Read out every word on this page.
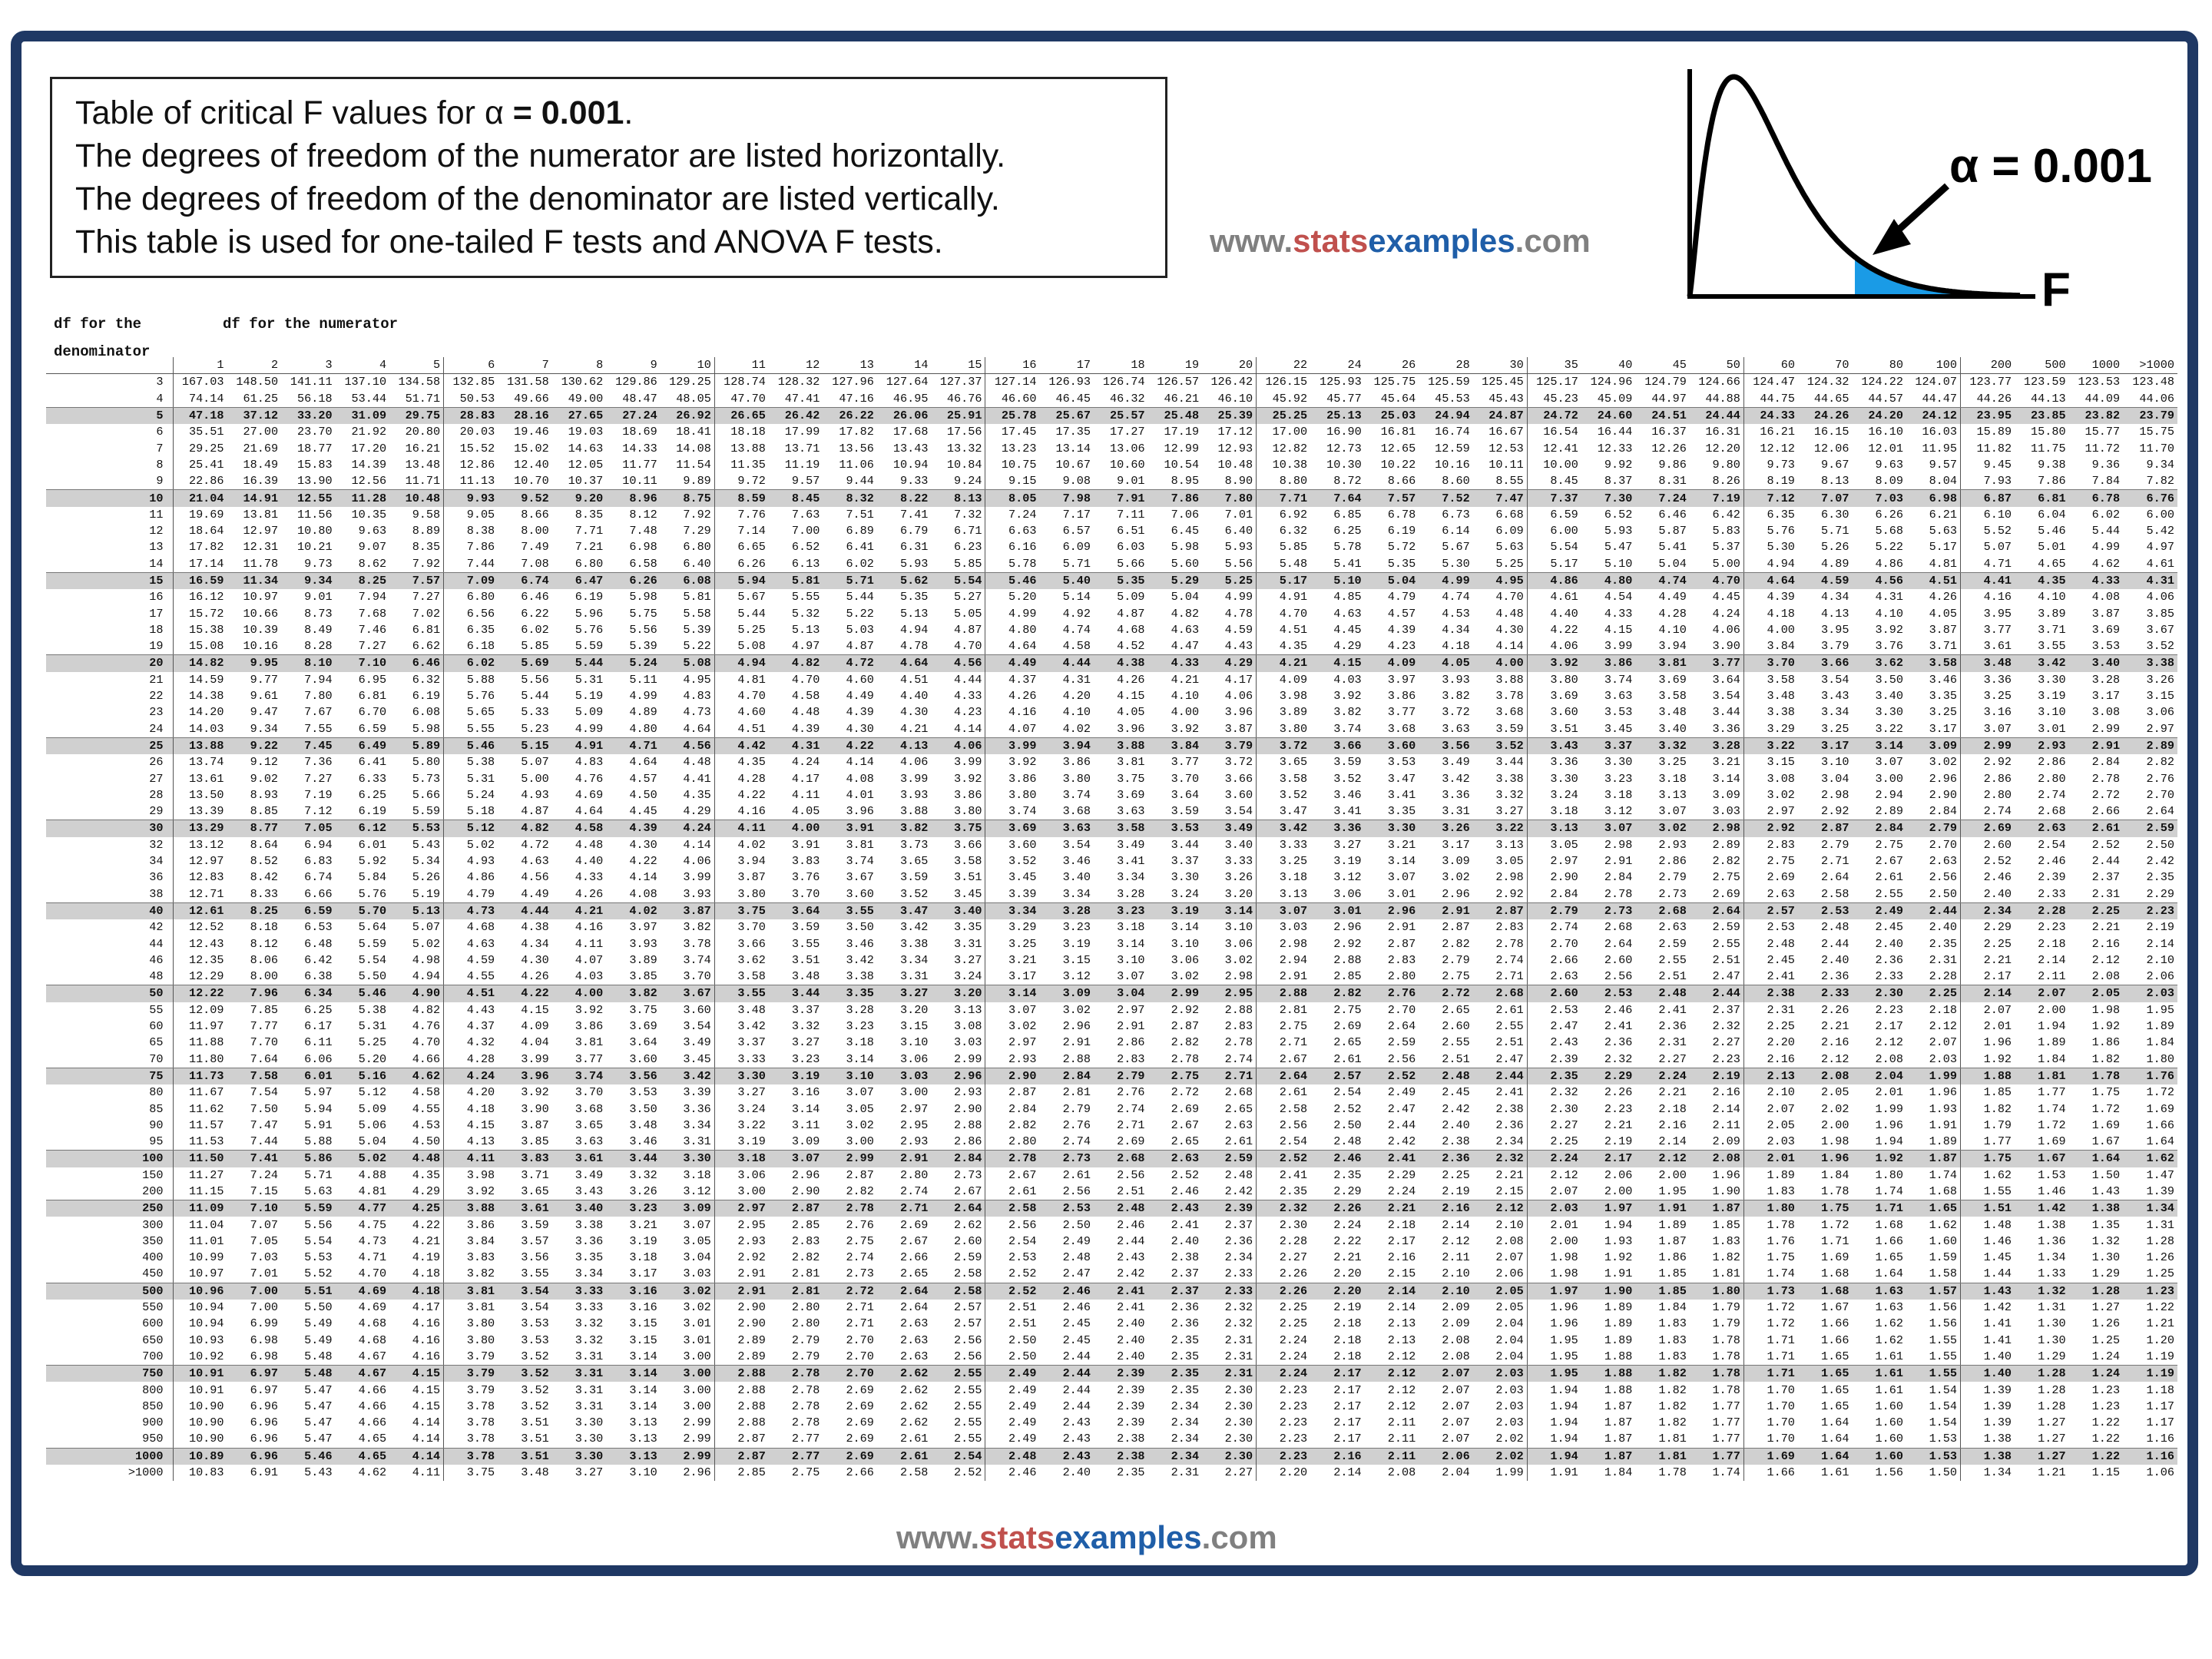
Table of critical F values for α = 0.001.
The degrees of freedom of the numerator are listed horizontally.
The degrees of freedom of the denominator are listed vertically.
This table is used for one-tailed F tests and ANOVA F tests.	www.statsexamples.com
α = 0.001
F
df for the
denominator
df for the numerator
	1	2	3	4	5	6	7	8	9	10	11	12	13	14	15	16	17	18	19	20	22	24	26	28	30	35	40	45	50	60	70	80	100	200	500	1000	>1000
3	167.03	148.50	141.11	137.10	134.58	132.85	131.58	130.62	129.86	129.25	128.74	128.32	127.96	127.64	127.37	127.14	126.93	126.74	126.57	126.42	126.15	125.93	125.75	125.59	125.45	125.17	124.96	124.79	124.66	124.47	124.32	124.22	124.07	123.77	123.59	123.53	123.48
4	74.14	61.25	56.18	53.44	51.71	50.53	49.66	49.00	48.47	48.05	47.70	47.41	47.16	46.95	46.76	46.60	46.45	46.32	46.21	46.10	45.92	45.77	45.64	45.53	45.43	45.23	45.09	44.97	44.88	44.75	44.65	44.57	44.47	44.26	44.13	44.09	44.06
5	47.18	37.12	33.20	31.09	29.75	28.83	28.16	27.65	27.24	26.92	26.65	26.42	26.22	26.06	25.91	25.78	25.67	25.57	25.48	25.39	25.25	25.13	25.03	24.94	24.87	24.72	24.60	24.51	24.44	24.33	24.26	24.20	24.12	23.95	23.85	23.82	23.79
6	35.51	27.00	23.70	21.92	20.80	20.03	19.46	19.03	18.69	18.41	18.18	17.99	17.82	17.68	17.56	17.45	17.35	17.27	17.19	17.12	17.00	16.90	16.81	16.74	16.67	16.54	16.44	16.37	16.31	16.21	16.15	16.10	16.03	15.89	15.80	15.77	15.75
7	29.25	21.69	18.77	17.20	16.21	15.52	15.02	14.63	14.33	14.08	13.88	13.71	13.56	13.43	13.32	13.23	13.14	13.06	12.99	12.93	12.82	12.73	12.65	12.59	12.53	12.41	12.33	12.26	12.20	12.12	12.06	12.01	11.95	11.82	11.75	11.72	11.70
8	25.41	18.49	15.83	14.39	13.48	12.86	12.40	12.05	11.77	11.54	11.35	11.19	11.06	10.94	10.84	10.75	10.67	10.60	10.54	10.48	10.38	10.30	10.22	10.16	10.11	10.00	9.92	9.86	9.80	9.73	9.67	9.63	9.57	9.45	9.38	9.36	9.34
9	22.86	16.39	13.90	12.56	11.71	11.13	10.70	10.37	10.11	9.89	9.72	9.57	9.44	9.33	9.24	9.15	9.08	9.01	8.95	8.90	8.80	8.72	8.66	8.60	8.55	8.45	8.37	8.31	8.26	8.19	8.13	8.09	8.04	7.93	7.86	7.84	7.82
10	21.04	14.91	12.55	11.28	10.48	9.93	9.52	9.20	8.96	8.75	8.59	8.45	8.32	8.22	8.13	8.05	7.98	7.91	7.86	7.80	7.71	7.64	7.57	7.52	7.47	7.37	7.30	7.24	7.19	7.12	7.07	7.03	6.98	6.87	6.81	6.78	6.76
11	19.69	13.81	11.56	10.35	9.58	9.05	8.66	8.35	8.12	7.92	7.76	7.63	7.51	7.41	7.32	7.24	7.17	7.11	7.06	7.01	6.92	6.85	6.78	6.73	6.68	6.59	6.52	6.46	6.42	6.35	6.30	6.26	6.21	6.10	6.04	6.02	6.00
12	18.64	12.97	10.80	9.63	8.89	8.38	8.00	7.71	7.48	7.29	7.14	7.00	6.89	6.79	6.71	6.63	6.57	6.51	6.45	6.40	6.32	6.25	6.19	6.14	6.09	6.00	5.93	5.87	5.83	5.76	5.71	5.68	5.63	5.52	5.46	5.44	5.42
13	17.82	12.31	10.21	9.07	8.35	7.86	7.49	7.21	6.98	6.80	6.65	6.52	6.41	6.31	6.23	6.16	6.09	6.03	5.98	5.93	5.85	5.78	5.72	5.67	5.63	5.54	5.47	5.41	5.37	5.30	5.26	5.22	5.17	5.07	5.01	4.99	4.97
14	17.14	11.78	9.73	8.62	7.92	7.44	7.08	6.80	6.58	6.40	6.26	6.13	6.02	5.93	5.85	5.78	5.71	5.66	5.60	5.56	5.48	5.41	5.35	5.30	5.25	5.17	5.10	5.04	5.00	4.94	4.89	4.86	4.81	4.71	4.65	4.62	4.61
15	16.59	11.34	9.34	8.25	7.57	7.09	6.74	6.47	6.26	6.08	5.94	5.81	5.71	5.62	5.54	5.46	5.40	5.35	5.29	5.25	5.17	5.10	5.04	4.99	4.95	4.86	4.80	4.74	4.70	4.64	4.59	4.56	4.51	4.41	4.35	4.33	4.31
16	16.12	10.97	9.01	7.94	7.27	6.80	6.46	6.19	5.98	5.81	5.67	5.55	5.44	5.35	5.27	5.20	5.14	5.09	5.04	4.99	4.91	4.85	4.79	4.74	4.70	4.61	4.54	4.49	4.45	4.39	4.34	4.31	4.26	4.16	4.10	4.08	4.06
17	15.72	10.66	8.73	7.68	7.02	6.56	6.22	5.96	5.75	5.58	5.44	5.32	5.22	5.13	5.05	4.99	4.92	4.87	4.82	4.78	4.70	4.63	4.57	4.53	4.48	4.40	4.33	4.28	4.24	4.18	4.13	4.10	4.05	3.95	3.89	3.87	3.85
18	15.38	10.39	8.49	7.46	6.81	6.35	6.02	5.76	5.56	5.39	5.25	5.13	5.03	4.94	4.87	4.80	4.74	4.68	4.63	4.59	4.51	4.45	4.39	4.34	4.30	4.22	4.15	4.10	4.06	4.00	3.95	3.92	3.87	3.77	3.71	3.69	3.67
19	15.08	10.16	8.28	7.27	6.62	6.18	5.85	5.59	5.39	5.22	5.08	4.97	4.87	4.78	4.70	4.64	4.58	4.52	4.47	4.43	4.35	4.29	4.23	4.18	4.14	4.06	3.99	3.94	3.90	3.84	3.79	3.76	3.71	3.61	3.55	3.53	3.52
20	14.82	9.95	8.10	7.10	6.46	6.02	5.69	5.44	5.24	5.08	4.94	4.82	4.72	4.64	4.56	4.49	4.44	4.38	4.33	4.29	4.21	4.15	4.09	4.05	4.00	3.92	3.86	3.81	3.77	3.70	3.66	3.62	3.58	3.48	3.42	3.40	3.38
21	14.59	9.77	7.94	6.95	6.32	5.88	5.56	5.31	5.11	4.95	4.81	4.70	4.60	4.51	4.44	4.37	4.31	4.26	4.21	4.17	4.09	4.03	3.97	3.93	3.88	3.80	3.74	3.69	3.64	3.58	3.54	3.50	3.46	3.36	3.30	3.28	3.26
22	14.38	9.61	7.80	6.81	6.19	5.76	5.44	5.19	4.99	4.83	4.70	4.58	4.49	4.40	4.33	4.26	4.20	4.15	4.10	4.06	3.98	3.92	3.86	3.82	3.78	3.69	3.63	3.58	3.54	3.48	3.43	3.40	3.35	3.25	3.19	3.17	3.15
23	14.20	9.47	7.67	6.70	6.08	5.65	5.33	5.09	4.89	4.73	4.60	4.48	4.39	4.30	4.23	4.16	4.10	4.05	4.00	3.96	3.89	3.82	3.77	3.72	3.68	3.60	3.53	3.48	3.44	3.38	3.34	3.30	3.25	3.16	3.10	3.08	3.06
24	14.03	9.34	7.55	6.59	5.98	5.55	5.23	4.99	4.80	4.64	4.51	4.39	4.30	4.21	4.14	4.07	4.02	3.96	3.92	3.87	3.80	3.74	3.68	3.63	3.59	3.51	3.45	3.40	3.36	3.29	3.25	3.22	3.17	3.07	3.01	2.99	2.97
25	13.88	9.22	7.45	6.49	5.89	5.46	5.15	4.91	4.71	4.56	4.42	4.31	4.22	4.13	4.06	3.99	3.94	3.88	3.84	3.79	3.72	3.66	3.60	3.56	3.52	3.43	3.37	3.32	3.28	3.22	3.17	3.14	3.09	2.99	2.93	2.91	2.89
26	13.74	9.12	7.36	6.41	5.80	5.38	5.07	4.83	4.64	4.48	4.35	4.24	4.14	4.06	3.99	3.92	3.86	3.81	3.77	3.72	3.65	3.59	3.53	3.49	3.44	3.36	3.30	3.25	3.21	3.15	3.10	3.07	3.02	2.92	2.86	2.84	2.82
27	13.61	9.02	7.27	6.33	5.73	5.31	5.00	4.76	4.57	4.41	4.28	4.17	4.08	3.99	3.92	3.86	3.80	3.75	3.70	3.66	3.58	3.52	3.47	3.42	3.38	3.30	3.23	3.18	3.14	3.08	3.04	3.00	2.96	2.86	2.80	2.78	2.76
28	13.50	8.93	7.19	6.25	5.66	5.24	4.93	4.69	4.50	4.35	4.22	4.11	4.01	3.93	3.86	3.80	3.74	3.69	3.64	3.60	3.52	3.46	3.41	3.36	3.32	3.24	3.18	3.13	3.09	3.02	2.98	2.94	2.90	2.80	2.74	2.72	2.70
29	13.39	8.85	7.12	6.19	5.59	5.18	4.87	4.64	4.45	4.29	4.16	4.05	3.96	3.88	3.80	3.74	3.68	3.63	3.59	3.54	3.47	3.41	3.35	3.31	3.27	3.18	3.12	3.07	3.03	2.97	2.92	2.89	2.84	2.74	2.68	2.66	2.64
30	13.29	8.77	7.05	6.12	5.53	5.12	4.82	4.58	4.39	4.24	4.11	4.00	3.91	3.82	3.75	3.69	3.63	3.58	3.53	3.49	3.42	3.36	3.30	3.26	3.22	3.13	3.07	3.02	2.98	2.92	2.87	2.84	2.79	2.69	2.63	2.61	2.59
32	13.12	8.64	6.94	6.01	5.43	5.02	4.72	4.48	4.30	4.14	4.02	3.91	3.81	3.73	3.66	3.60	3.54	3.49	3.44	3.40	3.33	3.27	3.21	3.17	3.13	3.05	2.98	2.93	2.89	2.83	2.79	2.75	2.70	2.60	2.54	2.52	2.50
34	12.97	8.52	6.83	5.92	5.34	4.93	4.63	4.40	4.22	4.06	3.94	3.83	3.74	3.65	3.58	3.52	3.46	3.41	3.37	3.33	3.25	3.19	3.14	3.09	3.05	2.97	2.91	2.86	2.82	2.75	2.71	2.67	2.63	2.52	2.46	2.44	2.42
36	12.83	8.42	6.74	5.84	5.26	4.86	4.56	4.33	4.14	3.99	3.87	3.76	3.67	3.59	3.51	3.45	3.40	3.34	3.30	3.26	3.18	3.12	3.07	3.02	2.98	2.90	2.84	2.79	2.75	2.69	2.64	2.61	2.56	2.46	2.39	2.37	2.35
38	12.71	8.33	6.66	5.76	5.19	4.79	4.49	4.26	4.08	3.93	3.80	3.70	3.60	3.52	3.45	3.39	3.34	3.28	3.24	3.20	3.13	3.06	3.01	2.96	2.92	2.84	2.78	2.73	2.69	2.63	2.58	2.55	2.50	2.40	2.33	2.31	2.29
40	12.61	8.25	6.59	5.70	5.13	4.73	4.44	4.21	4.02	3.87	3.75	3.64	3.55	3.47	3.40	3.34	3.28	3.23	3.19	3.14	3.07	3.01	2.96	2.91	2.87	2.79	2.73	2.68	2.64	2.57	2.53	2.49	2.44	2.34	2.28	2.25	2.23
42	12.52	8.18	6.53	5.64	5.07	4.68	4.38	4.16	3.97	3.82	3.70	3.59	3.50	3.42	3.35	3.29	3.23	3.18	3.14	3.10	3.03	2.96	2.91	2.87	2.83	2.74	2.68	2.63	2.59	2.53	2.48	2.45	2.40	2.29	2.23	2.21	2.19
44	12.43	8.12	6.48	5.59	5.02	4.63	4.34	4.11	3.93	3.78	3.66	3.55	3.46	3.38	3.31	3.25	3.19	3.14	3.10	3.06	2.98	2.92	2.87	2.82	2.78	2.70	2.64	2.59	2.55	2.48	2.44	2.40	2.35	2.25	2.18	2.16	2.14
46	12.35	8.06	6.42	5.54	4.98	4.59	4.30	4.07	3.89	3.74	3.62	3.51	3.42	3.34	3.27	3.21	3.15	3.10	3.06	3.02	2.94	2.88	2.83	2.79	2.74	2.66	2.60	2.55	2.51	2.45	2.40	2.36	2.31	2.21	2.14	2.12	2.10
48	12.29	8.00	6.38	5.50	4.94	4.55	4.26	4.03	3.85	3.70	3.58	3.48	3.38	3.31	3.24	3.17	3.12	3.07	3.02	2.98	2.91	2.85	2.80	2.75	2.71	2.63	2.56	2.51	2.47	2.41	2.36	2.33	2.28	2.17	2.11	2.08	2.06
50	12.22	7.96	6.34	5.46	4.90	4.51	4.22	4.00	3.82	3.67	3.55	3.44	3.35	3.27	3.20	3.14	3.09	3.04	2.99	2.95	2.88	2.82	2.76	2.72	2.68	2.60	2.53	2.48	2.44	2.38	2.33	2.30	2.25	2.14	2.07	2.05	2.03
55	12.09	7.85	6.25	5.38	4.82	4.43	4.15	3.92	3.75	3.60	3.48	3.37	3.28	3.20	3.13	3.07	3.02	2.97	2.92	2.88	2.81	2.75	2.70	2.65	2.61	2.53	2.46	2.41	2.37	2.31	2.26	2.23	2.18	2.07	2.00	1.98	1.95
60	11.97	7.77	6.17	5.31	4.76	4.37	4.09	3.86	3.69	3.54	3.42	3.32	3.23	3.15	3.08	3.02	2.96	2.91	2.87	2.83	2.75	2.69	2.64	2.60	2.55	2.47	2.41	2.36	2.32	2.25	2.21	2.17	2.12	2.01	1.94	1.92	1.89
65	11.88	7.70	6.11	5.25	4.70	4.32	4.04	3.81	3.64	3.49	3.37	3.27	3.18	3.10	3.03	2.97	2.91	2.86	2.82	2.78	2.71	2.65	2.59	2.55	2.51	2.43	2.36	2.31	2.27	2.20	2.16	2.12	2.07	1.96	1.89	1.86	1.84
70	11.80	7.64	6.06	5.20	4.66	4.28	3.99	3.77	3.60	3.45	3.33	3.23	3.14	3.06	2.99	2.93	2.88	2.83	2.78	2.74	2.67	2.61	2.56	2.51	2.47	2.39	2.32	2.27	2.23	2.16	2.12	2.08	2.03	1.92	1.84	1.82	1.80
75	11.73	7.58	6.01	5.16	4.62	4.24	3.96	3.74	3.56	3.42	3.30	3.19	3.10	3.03	2.96	2.90	2.84	2.79	2.75	2.71	2.64	2.57	2.52	2.48	2.44	2.35	2.29	2.24	2.19	2.13	2.08	2.04	1.99	1.88	1.81	1.78	1.76
80	11.67	7.54	5.97	5.12	4.58	4.20	3.92	3.70	3.53	3.39	3.27	3.16	3.07	3.00	2.93	2.87	2.81	2.76	2.72	2.68	2.61	2.54	2.49	2.45	2.41	2.32	2.26	2.21	2.16	2.10	2.05	2.01	1.96	1.85	1.77	1.75	1.72
85	11.62	7.50	5.94	5.09	4.55	4.18	3.90	3.68	3.50	3.36	3.24	3.14	3.05	2.97	2.90	2.84	2.79	2.74	2.69	2.65	2.58	2.52	2.47	2.42	2.38	2.30	2.23	2.18	2.14	2.07	2.02	1.99	1.93	1.82	1.74	1.72	1.69
90	11.57	7.47	5.91	5.06	4.53	4.15	3.87	3.65	3.48	3.34	3.22	3.11	3.02	2.95	2.88	2.82	2.76	2.71	2.67	2.63	2.56	2.50	2.44	2.40	2.36	2.27	2.21	2.16	2.11	2.05	2.00	1.96	1.91	1.79	1.72	1.69	1.66
95	11.53	7.44	5.88	5.04	4.50	4.13	3.85	3.63	3.46	3.31	3.19	3.09	3.00	2.93	2.86	2.80	2.74	2.69	2.65	2.61	2.54	2.48	2.42	2.38	2.34	2.25	2.19	2.14	2.09	2.03	1.98	1.94	1.89	1.77	1.69	1.67	1.64
100	11.50	7.41	5.86	5.02	4.48	4.11	3.83	3.61	3.44	3.30	3.18	3.07	2.99	2.91	2.84	2.78	2.73	2.68	2.63	2.59	2.52	2.46	2.41	2.36	2.32	2.24	2.17	2.12	2.08	2.01	1.96	1.92	1.87	1.75	1.67	1.64	1.62
150	11.27	7.24	5.71	4.88	4.35	3.98	3.71	3.49	3.32	3.18	3.06	2.96	2.87	2.80	2.73	2.67	2.61	2.56	2.52	2.48	2.41	2.35	2.29	2.25	2.21	2.12	2.06	2.00	1.96	1.89	1.84	1.80	1.74	1.62	1.53	1.50	1.47
200	11.15	7.15	5.63	4.81	4.29	3.92	3.65	3.43	3.26	3.12	3.00	2.90	2.82	2.74	2.67	2.61	2.56	2.51	2.46	2.42	2.35	2.29	2.24	2.19	2.15	2.07	2.00	1.95	1.90	1.83	1.78	1.74	1.68	1.55	1.46	1.43	1.39
250	11.09	7.10	5.59	4.77	4.25	3.88	3.61	3.40	3.23	3.09	2.97	2.87	2.78	2.71	2.64	2.58	2.53	2.48	2.43	2.39	2.32	2.26	2.21	2.16	2.12	2.03	1.97	1.91	1.87	1.80	1.75	1.71	1.65	1.51	1.42	1.38	1.34
300	11.04	7.07	5.56	4.75	4.22	3.86	3.59	3.38	3.21	3.07	2.95	2.85	2.76	2.69	2.62	2.56	2.50	2.46	2.41	2.37	2.30	2.24	2.18	2.14	2.10	2.01	1.94	1.89	1.85	1.78	1.72	1.68	1.62	1.48	1.38	1.35	1.31
350	11.01	7.05	5.54	4.73	4.21	3.84	3.57	3.36	3.19	3.05	2.93	2.83	2.75	2.67	2.60	2.54	2.49	2.44	2.40	2.36	2.28	2.22	2.17	2.12	2.08	2.00	1.93	1.87	1.83	1.76	1.71	1.66	1.60	1.46	1.36	1.32	1.28
400	10.99	7.03	5.53	4.71	4.19	3.83	3.56	3.35	3.18	3.04	2.92	2.82	2.74	2.66	2.59	2.53	2.48	2.43	2.38	2.34	2.27	2.21	2.16	2.11	2.07	1.98	1.92	1.86	1.82	1.75	1.69	1.65	1.59	1.45	1.34	1.30	1.26
450	10.97	7.01	5.52	4.70	4.18	3.82	3.55	3.34	3.17	3.03	2.91	2.81	2.73	2.65	2.58	2.52	2.47	2.42	2.37	2.33	2.26	2.20	2.15	2.10	2.06	1.98	1.91	1.85	1.81	1.74	1.68	1.64	1.58	1.44	1.33	1.29	1.25
500	10.96	7.00	5.51	4.69	4.18	3.81	3.54	3.33	3.16	3.02	2.91	2.81	2.72	2.64	2.58	2.52	2.46	2.41	2.37	2.33	2.26	2.20	2.14	2.10	2.05	1.97	1.90	1.85	1.80	1.73	1.68	1.63	1.57	1.43	1.32	1.28	1.23
550	10.94	7.00	5.50	4.69	4.17	3.81	3.54	3.33	3.16	3.02	2.90	2.80	2.71	2.64	2.57	2.51	2.46	2.41	2.36	2.32	2.25	2.19	2.14	2.09	2.05	1.96	1.89	1.84	1.79	1.72	1.67	1.63	1.56	1.42	1.31	1.27	1.22
600	10.94	6.99	5.49	4.68	4.16	3.80	3.53	3.32	3.15	3.01	2.90	2.80	2.71	2.63	2.57	2.51	2.45	2.40	2.36	2.32	2.25	2.18	2.13	2.09	2.04	1.96	1.89	1.83	1.79	1.72	1.66	1.62	1.56	1.41	1.30	1.26	1.21
650	10.93	6.98	5.49	4.68	4.16	3.80	3.53	3.32	3.15	3.01	2.89	2.79	2.70	2.63	2.56	2.50	2.45	2.40	2.35	2.31	2.24	2.18	2.13	2.08	2.04	1.95	1.89	1.83	1.78	1.71	1.66	1.62	1.55	1.41	1.30	1.25	1.20
700	10.92	6.98	5.48	4.67	4.16	3.79	3.52	3.31	3.14	3.00	2.89	2.79	2.70	2.63	2.56	2.50	2.44	2.40	2.35	2.31	2.24	2.18	2.12	2.08	2.04	1.95	1.88	1.83	1.78	1.71	1.65	1.61	1.55	1.40	1.29	1.24	1.19
750	10.91	6.97	5.48	4.67	4.15	3.79	3.52	3.31	3.14	3.00	2.88	2.78	2.70	2.62	2.55	2.49	2.44	2.39	2.35	2.31	2.24	2.17	2.12	2.07	2.03	1.95	1.88	1.82	1.78	1.71	1.65	1.61	1.55	1.40	1.28	1.24	1.19
800	10.91	6.97	5.47	4.66	4.15	3.79	3.52	3.31	3.14	3.00	2.88	2.78	2.69	2.62	2.55	2.49	2.44	2.39	2.35	2.30	2.23	2.17	2.12	2.07	2.03	1.94	1.88	1.82	1.78	1.70	1.65	1.61	1.54	1.39	1.28	1.23	1.18
850	10.90	6.96	5.47	4.66	4.15	3.78	3.52	3.31	3.14	3.00	2.88	2.78	2.69	2.62	2.55	2.49	2.44	2.39	2.34	2.30	2.23	2.17	2.12	2.07	2.03	1.94	1.87	1.82	1.77	1.70	1.65	1.60	1.54	1.39	1.28	1.23	1.17
900	10.90	6.96	5.47	4.66	4.14	3.78	3.51	3.30	3.13	2.99	2.88	2.78	2.69	2.62	2.55	2.49	2.43	2.39	2.34	2.30	2.23	2.17	2.11	2.07	2.03	1.94	1.87	1.82	1.77	1.70	1.64	1.60	1.54	1.39	1.27	1.22	1.17
950	10.90	6.96	5.47	4.65	4.14	3.78	3.51	3.30	3.13	2.99	2.87	2.77	2.69	2.61	2.55	2.49	2.43	2.38	2.34	2.30	2.23	2.17	2.11	2.07	2.02	1.94	1.87	1.81	1.77	1.70	1.64	1.60	1.53	1.38	1.27	1.22	1.16
1000	10.89	6.96	5.46	4.65	4.14	3.78	3.51	3.30	3.13	2.99	2.87	2.77	2.69	2.61	2.54	2.48	2.43	2.38	2.34	2.30	2.23	2.16	2.11	2.06	2.02	1.94	1.87	1.81	1.77	1.69	1.64	1.60	1.53	1.38	1.27	1.22	1.16
>1000	10.83	6.91	5.43	4.62	4.11	3.75	3.48	3.27	3.10	2.96	2.85	2.75	2.66	2.58	2.52	2.46	2.40	2.35	2.31	2.27	2.20	2.14	2.08	2.04	1.99	1.91	1.84	1.78	1.74	1.66	1.61	1.56	1.50	1.34	1.21	1.15	1.06
www.statsexamples.com
